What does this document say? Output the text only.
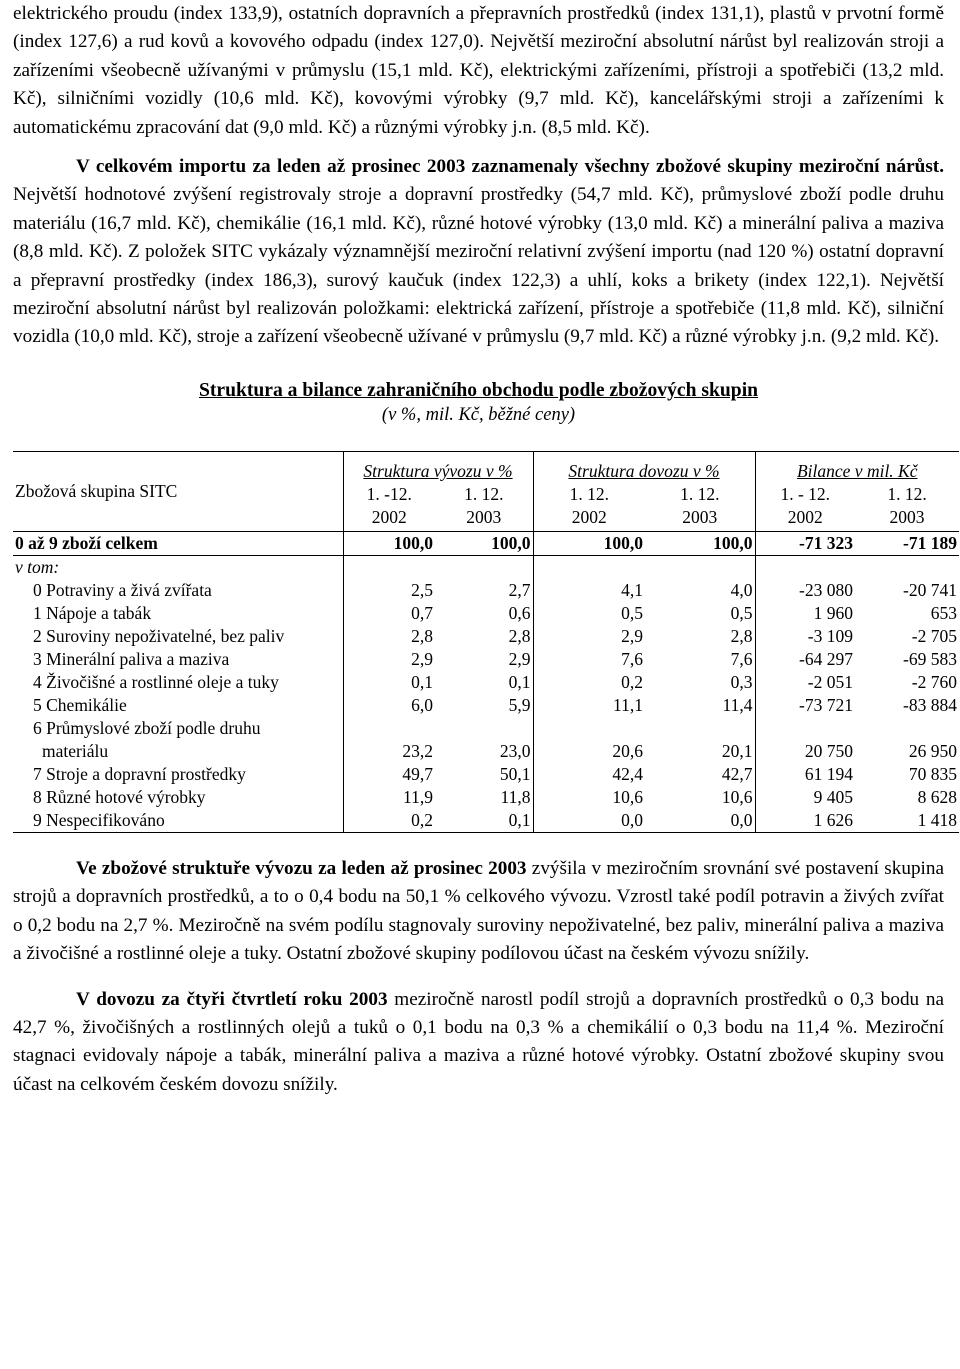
elektrického proudu (index 133,9), ostatních dopravních a přepravních prostředků (index 131,1), plastů v prvotní formě (index 127,6) a rud kovů a kovového odpadu (index 127,0). Největší meziroční absolutní nárůst byl realizován stroji a zařízeními všeobecně užívanými v průmyslu (15,1 mld. Kč), elektrickými zařízeními, přístroji a spotřebiči (13,2 mld. Kč), silničními vozidly (10,6 mld. Kč), kovovými výrobky (9,7 mld. Kč), kancelářskými stroji a zařízeními k automatickému zpracování dat (9,0 mld. Kč) a různými výrobky j.n. (8,5 mld. Kč).

V celkovém importu za leden až prosinec 2003 zaznamenaly všechny zbožové skupiny meziroční nárůst. Největší hodnotové zvýšení registrovaly stroje a dopravní prostředky (54,7 mld. Kč), průmyslové zboží podle druhu materiálu (16,7 mld. Kč), chemikálie (16,1 mld. Kč), různé hotové výrobky (13,0 mld. Kč) a minerální paliva a maziva (8,8 mld. Kč). Z položek SITC vykázaly významnější meziroční relativní zvýšení importu (nad 120 %) ostatní dopravní a přepravní prostředky (index 186,3), surový kaučuk (index 122,3) a uhlí, koks a brikety (index 122,1). Největší meziroční absolutní nárůst byl realizován položkami: elektrická zařízení, přístroje a spotřebiče (11,8 mld. Kč), silniční vozidla (10,0 mld. Kč), stroje a zařízení všeobecně užívané v průmyslu (9,7 mld. Kč) a různé výrobky j.n. (9,2 mld. Kč).

Struktura a bilance zahraničního obchodu podle zbožových skupin
(v %, mil. Kč, běžné ceny)
Zbožová skupina SITC	Struktura vývozu v %		Struktura dovozu v %		Bilance v mil. Kč	
	1. -12.	1. 12.	1. 12.	1. 12.	1. - 12.	1. 12.
	2002	2003	2002	2003	2002	2003
0 až 9 zboží celkem	100,0	100,0	100,0	100,0	-71 323	-71 189
v tom:						
0 Potraviny a živá zvířata	2,5	2,7	4,1	4,0	-23 080	-20 741
1 Nápoje a tabák	0,7	0,6	0,5	0,5	1 960	653
2 Suroviny nepoživatelné, bez paliv	2,8	2,8	2,9	2,8	-3 109	-2 705
3 Minerální paliva a maziva	2,9	2,9	7,6	7,6	-64 297	-69 583
4 Živočišné a rostlinné oleje a tuky	0,1	0,1	0,2	0,3	-2 051	-2 760
5 Chemikálie	6,0	5,9	11,1	11,4	-73 721	-83 884
6 Průmyslové zboží podle druhu						
materiálu	23,2	23,0	20,6	20,1	20 750	26 950
7 Stroje a dopravní prostředky	49,7	50,1	42,4	42,7	61 194	70 835
8 Různé hotové výrobky	11,9	11,8	10,6	10,6	9 405	8 628
9 Nespecifikováno	0,2	0,1	0,0	0,0	1 626	1 418

Ve zbožové struktuře vývozu za leden až prosinec 2003 zvýšila v meziročním srovnání své postavení skupina strojů a dopravních prostředků, a to o 0,4 bodu na 50,1 % celkového vývozu. Vzrostl také podíl potravin a živých zvířat o 0,2 bodu na 2,7 %. Meziročně na svém podílu stagnovaly suroviny nepoživatelné, bez paliv, minerální paliva a maziva a živočišné a rostlinné oleje a tuky. Ostatní zbožové skupiny podílovou účast na českém vývozu snížily.

V dovozu za čtyři čtvrtletí roku 2003 meziročně narostl podíl strojů a dopravních prostředků o 0,3 bodu na 42,7 %, živočišných a rostlinných olejů a tuků o 0,1 bodu na 0,3 % a chemikálií o 0,3 bodu na 11,4 %. Meziroční stagnaci evidovaly nápoje a tabák, minerální paliva a maziva a různé hotové výrobky. Ostatní zbožové skupiny svou účast na celkovém českém dovozu snížily.
